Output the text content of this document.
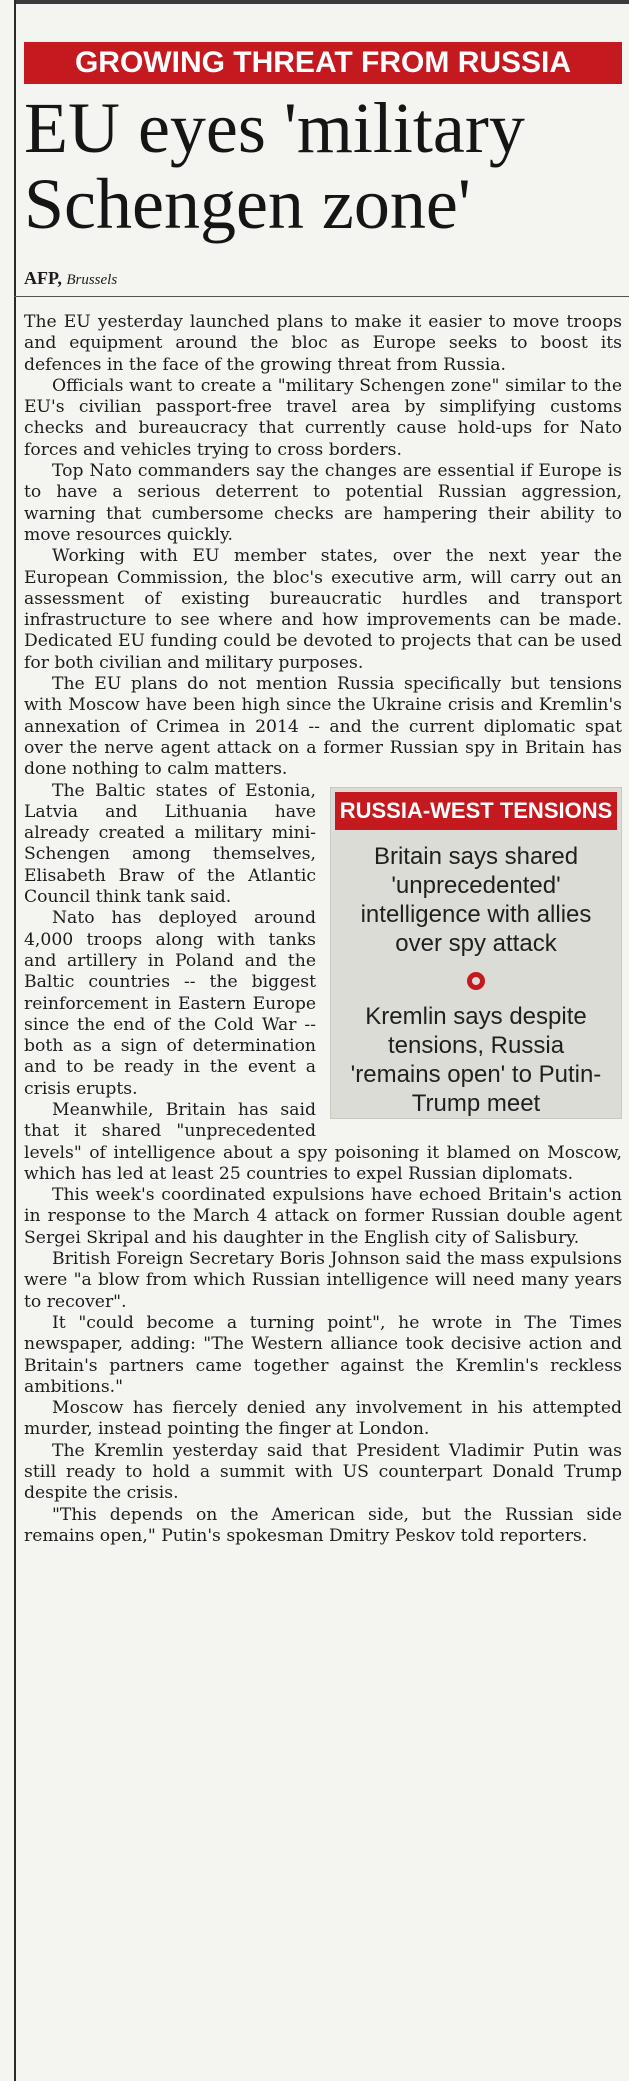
GROWING THREAT FROM RUSSIA
EU eyes 'military Schengen zone'
AFP, Brussels

The EU yesterday launched plans to make it easier to move troops and equipment around the bloc as Europe seeks to boost its defences in the face of the growing threat from Russia.

Officials want to create a "military Schengen zone" similar to the EU's civilian passport-free travel area by simplifying customs checks and bureaucracy that currently cause hold-ups for Nato forces and vehicles trying to cross borders.

Top Nato commanders say the changes are essential if Europe is to have a serious deterrent to potential Russian aggression, warning that cumbersome checks are hampering their ability to move resources quickly.

Working with EU member states, over the next year the European Commission, the bloc's executive arm, will carry out an assessment of existing bureaucratic hurdles and transport infrastructure to see where and how improvements can be made. Dedicated EU funding could be devoted to projects that can be used for both civilian and military purposes.

The EU plans do not mention Russia specifically but tensions with Moscow have been high since the Ukraine crisis and Kremlin's annexation of Crimea in 2014 -- and the current diplomatic spat over the nerve agent attack on a former Russian spy in Britain has done nothing to calm matters.

RUSSIA-WEST TENSIONS
Britain says shared 'unprecedented' intelligence with allies over spy attack
Kremlin says despite tensions, Russia 'remains open' to Putin-Trump meet

The Baltic states of Estonia, Latvia and Lithuania have already created a military mini-Schengen among themselves, Elisabeth Braw of the Atlantic Council think tank said.

Nato has deployed around 4,000 troops along with tanks and artillery in Poland and the Baltic countries -- the biggest reinforcement in Eastern Europe since the end of the Cold War -- both as a sign of determination and to be ready in the event a crisis erupts.

Meanwhile, Britain has said that it shared "unprecedented levels" of intelligence about a spy poisoning it blamed on Moscow, which has led at least 25 countries to expel Russian diplomats.

This week's coordinated expulsions have echoed Britain's action in response to the March 4 attack on former Russian double agent Sergei Skripal and his daughter in the English city of Salisbury.

British Foreign Secretary Boris Johnson said the mass expulsions were "a blow from which Russian intelligence will need many years to recover".

It "could become a turning point", he wrote in The Times newspaper, adding: "The Western alliance took decisive action and Britain's partners came together against the Kremlin's reckless ambitions."

Moscow has fiercely denied any involvement in his attempted murder, instead pointing the finger at London.

The Kremlin yesterday said that President Vladimir Putin was still ready to hold a summit with US counterpart Donald Trump despite the crisis.

"This depends on the American side, but the Russian side remains open," Putin's spokesman Dmitry Peskov told reporters.
